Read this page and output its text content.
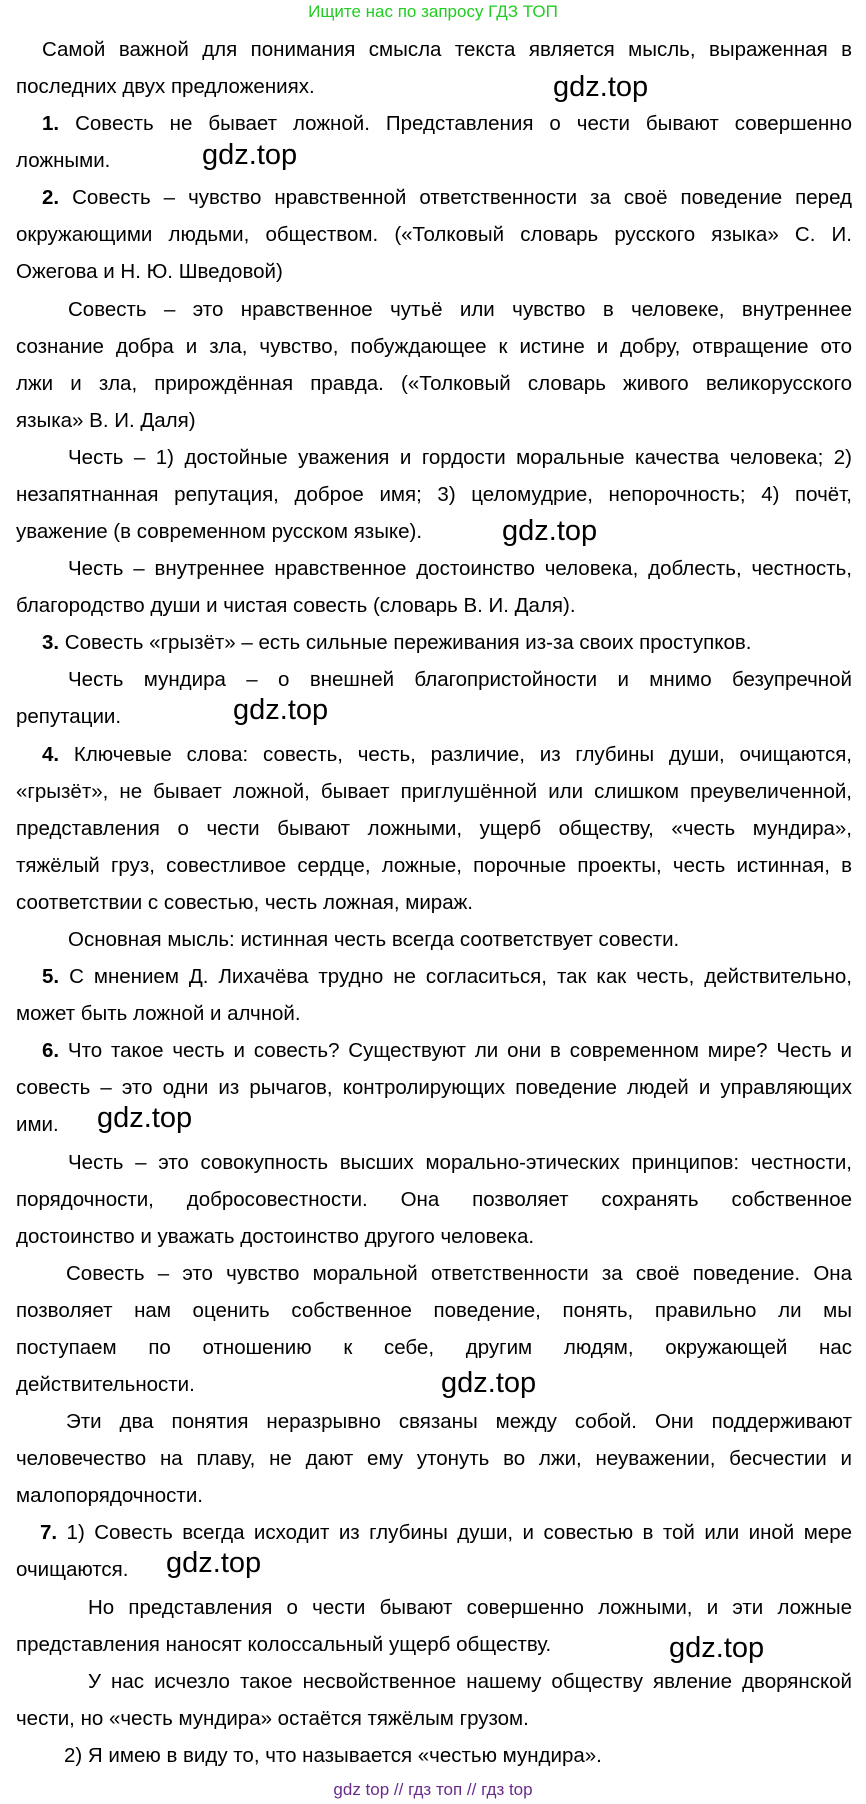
Ищите нас по запросу ГДЗ ТОП
Самой важной для понимания смысла текста является мысль, выраженная в
последних двух предложениях.
1. Совесть не бывает ложной. Представления о чести бывают совершенно
ложными.
2. Совесть – чувство нравственной ответственности за своё поведение перед
окружающими людьми, обществом. («Толковый словарь русского языка» С. И.
Ожегова и Н. Ю. Шведовой)
Совесть – это нравственное чутьё или чувство в человеке, внутреннее
сознание добра и зла, чувство, побуждающее к истине и добру, отвращение ото
лжи и зла, прирождённая правда. («Толковый словарь живого великорусского
языка» В. И. Даля)
Честь – 1) достойные уважения и гордости моральные качества человека; 2)
незапятнанная репутация, доброе имя; 3) целомудрие, непорочность; 4) почёт,
уважение (в современном русском языке).
Честь – внутреннее нравственное достоинство человека, доблесть, честность,
благородство души и чистая совесть (словарь В. И. Даля).
3. Совесть «грызёт» – есть сильные переживания из-за своих проступков.
Честь мундира – о внешней благопристойности и мнимо безупречной
репутации.
4. Ключевые слова: совесть, честь, различие, из глубины души, очищаются,
«грызёт», не бывает ложной, бывает приглушённой или слишком преувеличенной,
представления о чести бывают ложными, ущерб обществу, «честь мундира»,
тяжёлый груз, совестливое сердце, ложные, порочные проекты, честь истинная, в
соответствии с совестью, честь ложная, мираж.
Основная мысль: истинная честь всегда соответствует совести.
5. С мнением Д. Лихачёва трудно не согласиться, так как честь, действительно,
может быть ложной и алчной.
6. Что такое честь и совесть? Существуют ли они в современном мире? Честь и
совесть – это одни из рычагов, контролирующих поведение людей и управляющих
ими.
Честь – это совокупность высших морально-этических принципов: честности,
порядочности, добросовестности. Она позволяет сохранять собственное
достоинство и уважать достоинство другого человека.
Совесть – это чувство моральной ответственности за своё поведение. Она
позволяет нам оценить собственное поведение, понять, правильно ли мы
поступаем по отношению к себе, другим людям, окружающей нас
действительности.
Эти два понятия неразрывно связаны между собой. Они поддерживают
человечество на плаву, не дают ему утонуть во лжи, неуважении, бесчестии и
малопорядочности.
7. 1) Совесть всегда исходит из глубины души, и совестью в той или иной мере
очищаются.
Но представления о чести бывают совершенно ложными, и эти ложные
представления наносят колоссальный ущерб обществу.
У нас исчезло такое несвойственное нашему обществу явление дворянской
чести, но «честь мундира» остаётся тяжёлым грузом.
2) Я имею в виду то, что называется «честью мундира».
gdz.top
gdz.top
gdz.top
gdz.top
gdz.top
gdz.top
gdz.top
gdz.top
gdz top // гдз топ // гдз top
